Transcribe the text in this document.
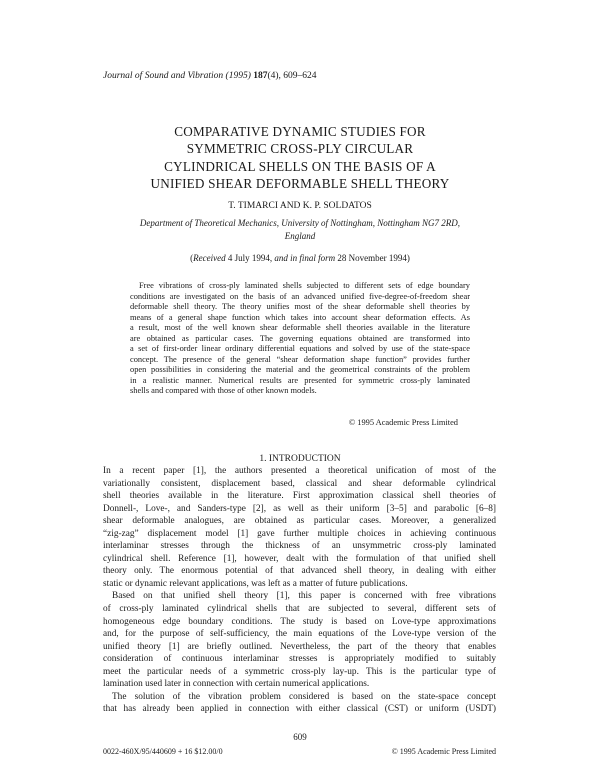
Journal of Sound and Vibration (1995) 187(4), 609–624
COMPARATIVE DYNAMIC STUDIES FOR
SYMMETRIC CROSS-PLY CIRCULAR
CYLINDRICAL SHELLS ON THE BASIS OF A
UNIFIED SHEAR DEFORMABLE SHELL THEORY
T. TIMARCI AND K. P. SOLDATOS
Department of Theoretical Mechanics, University of Nottingham, Nottingham NG7 2RD,
England
(Received 4 July 1994, and in final form 28 November 1994)
Free vibrations of cross-ply laminated shells subjected to different sets of edge boundary
conditions are investigated on the basis of an advanced unified five-degree-of-freedom shear
deformable shell theory. The theory unifies most of the shear deformable shell theories by
means of a general shape function which takes into account shear deformation effects. As
a result, most of the well known shear deformable shell theories available in the literature
are obtained as particular cases. The governing equations obtained are transformed into
a set of first-order linear ordinary differential equations and solved by use of the state-space
concept. The presence of the general “shear deformation shape function” provides further
open possibilities in considering the material and the geometrical constraints of the problem
in a realistic manner. Numerical results are presented for symmetric cross-ply laminated
shells and compared with those of other known models.
© 1995 Academic Press Limited
1. INTRODUCTION
In a recent paper [1], the authors presented a theoretical unification of most of the
variationally consistent, displacement based, classical and shear deformable cylindrical
shell theories available in the literature. First approximation classical shell theories of
Donnell-, Love-, and Sanders-type [2], as well as their uniform [3–5] and parabolic [6–8]
shear deformable analogues, are obtained as particular cases. Moreover, a generalized
“zig-zag” displacement model [1] gave further multiple choices in achieving continuous
interlaminar stresses through the thickness of an unsymmetric cross-ply laminated
cylindrical shell. Reference [1], however, dealt with the formulation of that unified shell
theory only. The enormous potential of that advanced shell theory, in dealing with either
static or dynamic relevant applications, was left as a matter of future publications.
Based on that unified shell theory [1], this paper is concerned with free vibrations
of cross-ply laminated cylindrical shells that are subjected to several, different sets of
homogeneous edge boundary conditions. The study is based on Love-type approximations
and, for the purpose of self-sufficiency, the main equations of the Love-type version of the
unified theory [1] are briefly outlined. Nevertheless, the part of the theory that enables
consideration of continuous interlaminar stresses is appropriately modified to suitably
meet the particular needs of a symmetric cross-ply lay-up. This is the particular type of
lamination used later in connection with certain numerical applications.
The solution of the vibration problem considered is based on the state-space concept
that has already been applied in connection with either classical (CST) or uniform (USDT)
609
0022-460X/95/440609 + 16 $12.00/0	© 1995 Academic Press Limited
